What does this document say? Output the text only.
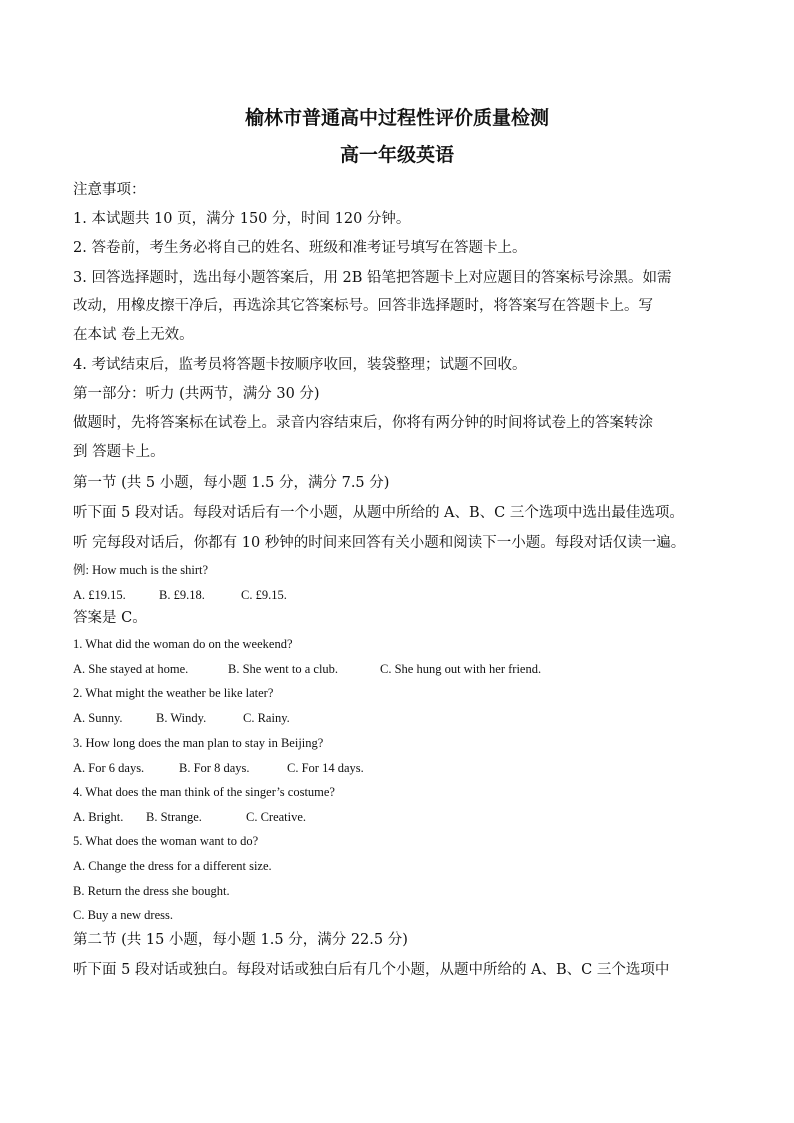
榆林市普通高中过程性评价质量检测
高一年级英语
注意事项：
1. 本试题共 10 页，满分 150 分，时间 120 分钟。
2. 答卷前，考生务必将自己的姓名、班级和准考证号填写在答题卡上。
3. 回答选择题时，选出每小题答案后，用 2B 铅笔把答题卡上对应题目的答案标号涂黑。如需
改动，用橡皮擦干净后，再选涂其它答案标号。回答非选择题时，将答案写在答题卡上。写
在本试 卷上无效。
4. 考试结束后，监考员将答题卡按顺序收回，装袋整理；试题不回收。
第一部分：听力 (共两节，满分 30 分)
做题时，先将答案标在试卷上。录音内容结束后，你将有两分钟的时间将试卷上的答案转涂
到 答题卡上。
第一节 (共 5 小题，每小题 1.5 分，满分 7.5 分)
听下面 5 段对话。每段对话后有一个小题，从题中所给的 A、B、C 三个选项中选出最佳选项。
听 完每段对话后，你都有 10 秒钟的时间来回答有关小题和阅读下一小题。每段对话仅读一遍。
例: How much is the shirt?
A. £19.15.	B. £9.18.	C. £9.15.
答案是 C。
1. What did the woman do on the weekend?
A. She stayed at home.	B. She went to a club.	C. She hung out with her friend.
2. What might the weather be like later?
A. Sunny.	B. Windy.	C. Rainy.
3. How long does the man plan to stay in Beijing?
A. For 6 days.	B. For 8 days.	C. For 14 days.
4. What does the man think of the singer’s costume?
A. Bright. B. Strange.	C. Creative.
5. What does the woman want to do?
A. Change the dress for a different size.
B. Return the dress she bought.
C. Buy a new dress.
第二节 (共 15 小题，每小题 1.5 分，满分 22.5 分)
听下面 5 段对话或独白。每段对话或独白后有几个小题，从题中所给的 A、B、C 三个选项中
